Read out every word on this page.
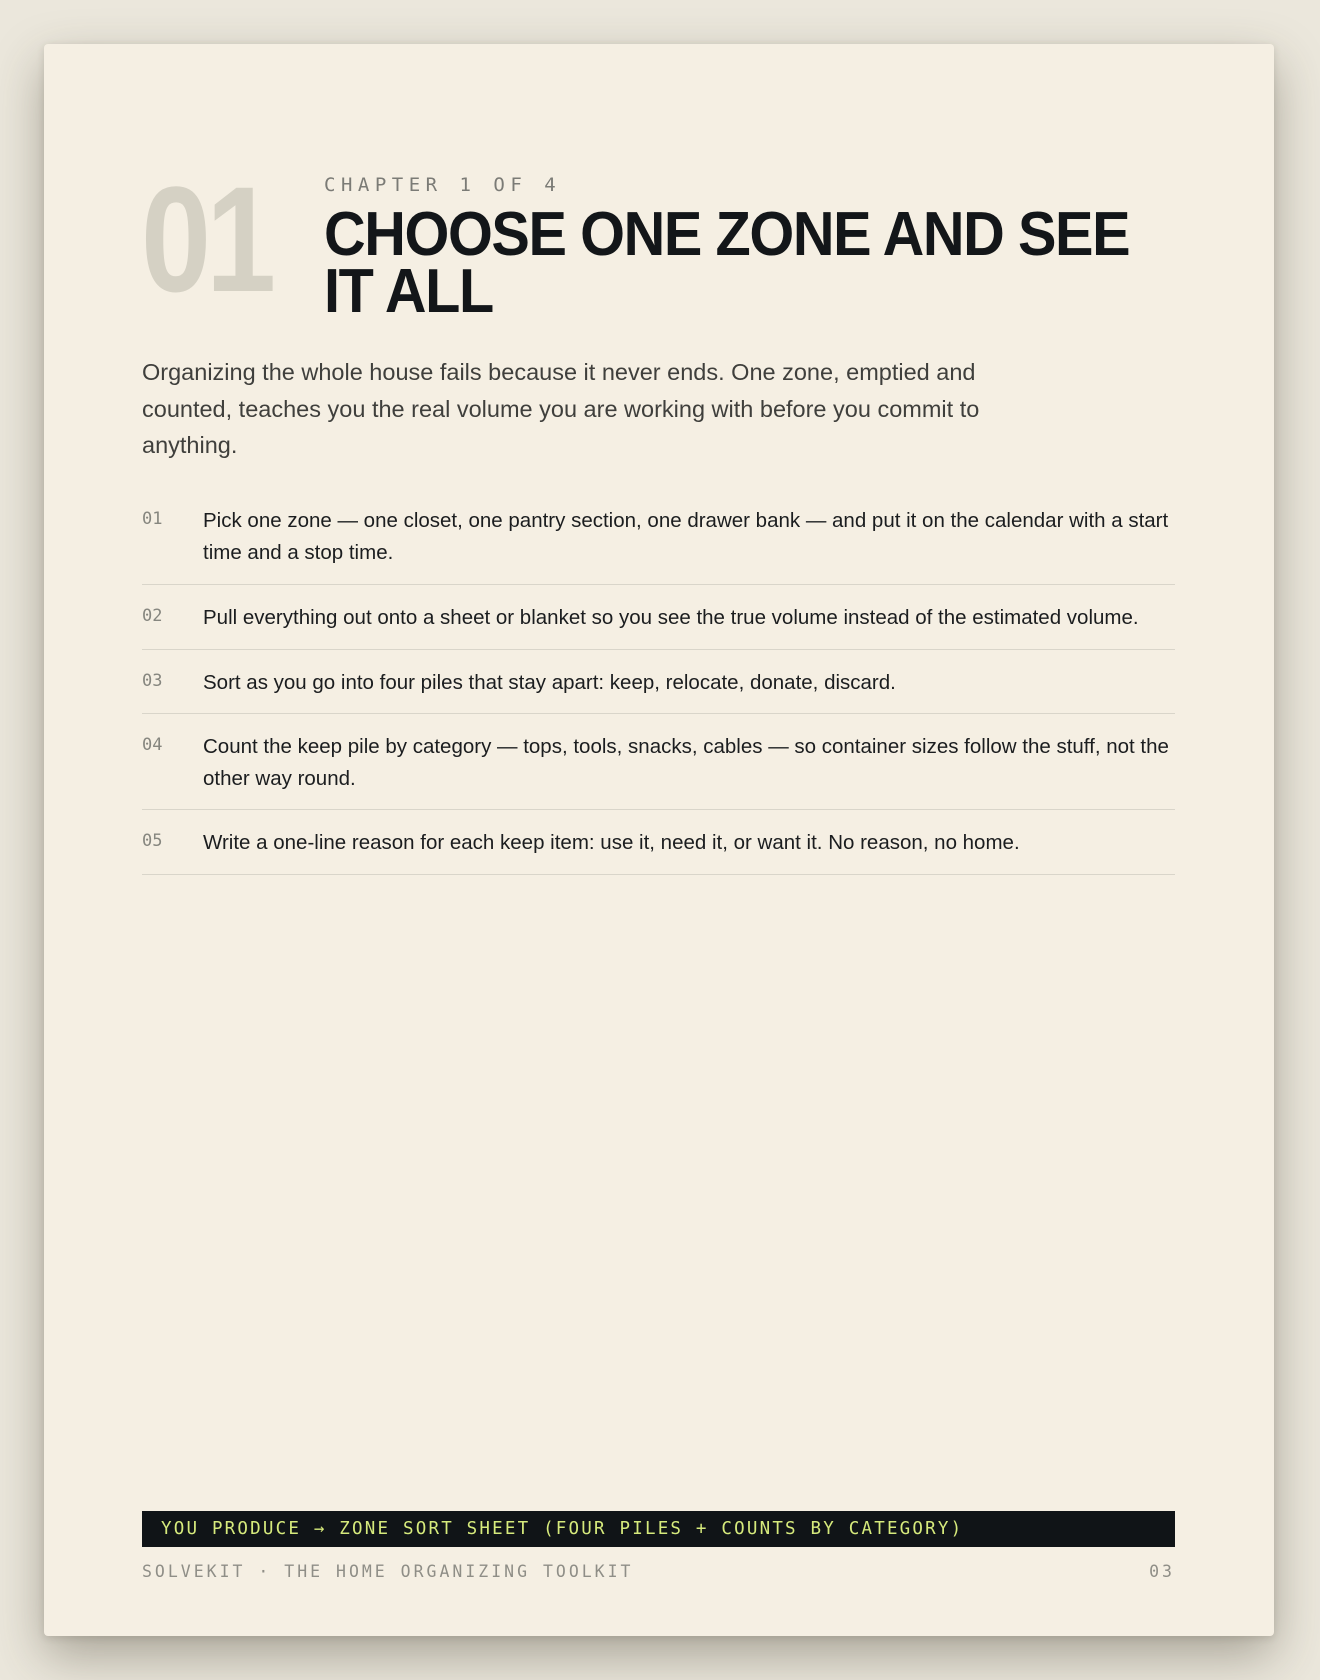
01	CHAPTER 1 OF 4

CHOOSE ONE ZONE AND SEE IT ALL

Organizing the whole house fails because it never ends. One zone, emptied and counted, teaches you the real volume you are working with before you commit to anything.

01	Pick one zone — one closet, one pantry section, one drawer bank — and put it on the calendar with a start time and a stop time.
02	Pull everything out onto a sheet or blanket so you see the true volume instead of the estimated volume.
03	Sort as you go into four piles that stay apart: keep, relocate, donate, discard.
04	Count the keep pile by category — tops, tools, snacks, cables — so container sizes follow the stuff, not the other way round.
05	Write a one-line reason for each keep item: use it, need it, or want it. No reason, no home.
YOU PRODUCE → ZONE SORT SHEET (FOUR PILES + COUNTS BY CATEGORY)
SOLVEKIT · THE HOME ORGANIZING TOOLKIT	03
